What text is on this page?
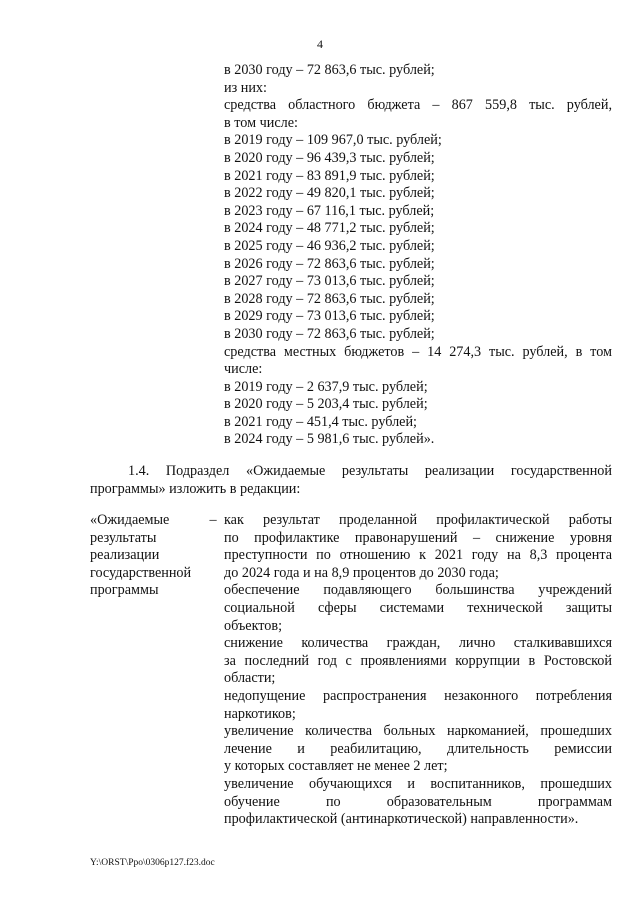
4
в 2030 году – 72 863,6 тыс. рублей;
из них:
средства областного бюджета – 867 559,8 тыс. рублей,
в том числе:
в 2019 году – 109 967,0 тыс. рублей;
в 2020 году – 96 439,3 тыс. рублей;
в 2021 году – 83 891,9 тыс. рублей;
в 2022 году – 49 820,1 тыс. рублей;
в 2023 году – 67 116,1 тыс. рублей;
в 2024 году – 48 771,2 тыс. рублей;
в 2025 году – 46 936,2 тыс. рублей;
в 2026 году – 72 863,6 тыс. рублей;
в 2027 году – 73 013,6 тыс. рублей;
в 2028 году – 72 863,6 тыс. рублей;
в 2029 году – 73 013,6 тыс. рублей;
в 2030 году – 72 863,6 тыс. рублей;
средства местных бюджетов – 14 274,3 тыс. рублей, в том
числе:
в 2019 году – 2 637,9 тыс. рублей;
в 2020 году – 5 203,4 тыс. рублей;
в 2021 году – 451,4 тыс. рублей;
в 2024 году – 5 981,6 тыс. рублей».
1.4. Подраздел «Ожидаемые результаты реализации государственной
программы» изложить в редакции:
«Ожидаемые
результаты
реализации
государственной
программы
– как результат проделанной профилактической работы
по профилактике правонарушений – снижение уровня
преступности по отношению к 2021 году на 8,3 процента
до 2024 года и на 8,9 процентов до 2030 года;
обеспечение подавляющего большинства учреждений
социальной сферы системами технической защиты
объектов;
снижение количества граждан, лично сталкивавшихся
за последний год с проявлениями коррупции в Ростовской
области;
недопущение распространения незаконного потребления
наркотиков;
увеличение количества больных наркоманией, прошедших
лечение и реабилитацию, длительность ремиссии
у которых составляет не менее 2 лет;
увеличение обучающихся и воспитанников, прошедших
обучение по образовательным программам
профилактической (антинаркотической) направленности».
Y:\ORST\Ppo\0306p127.f23.doc
